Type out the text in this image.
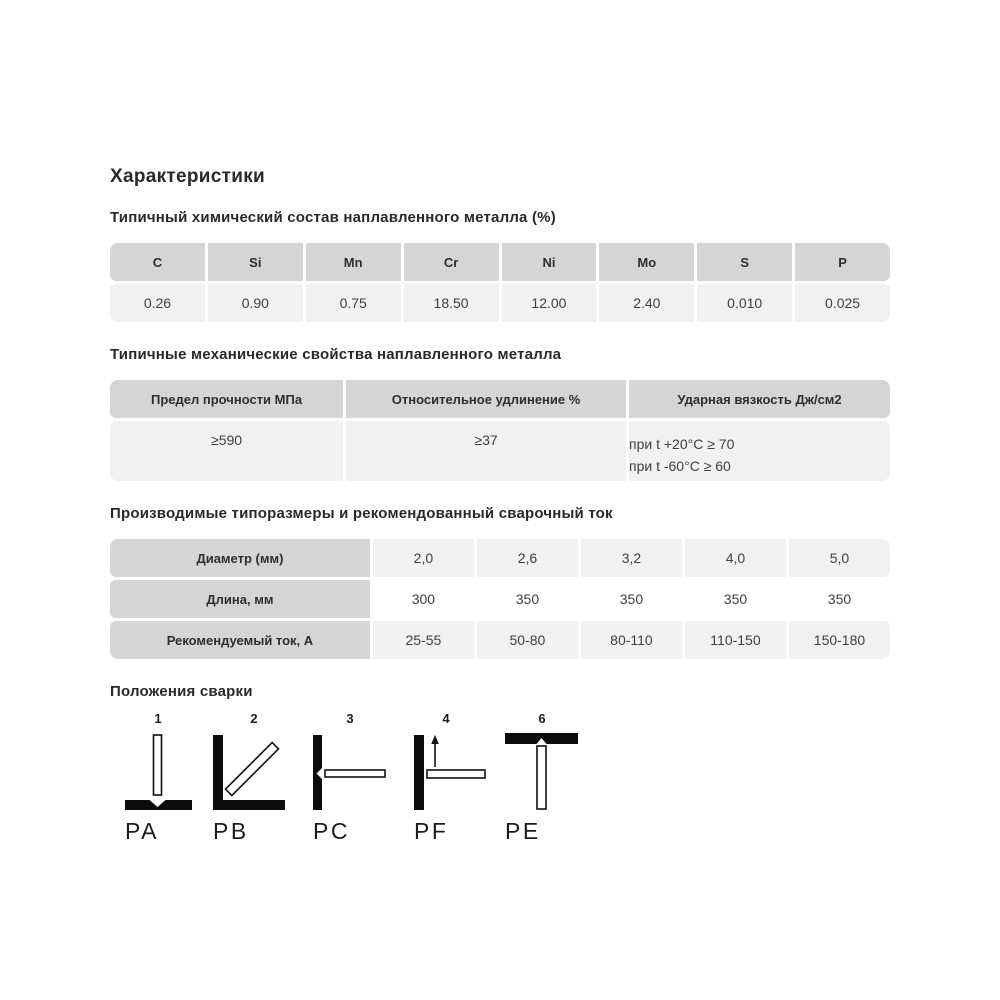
Характеристики
Типичный химический состав наплавленного металла (%)
C	Si	Mn	Cr	Ni	Mo	S	P
0.26	0.90	0.75	18.50	12.00	2.40	0.010	0.025
Типичные механические свойства наплавленного металла
Предел прочности МПа	Относительное удлинение %	Ударная вязкость Дж/см2
≥590	≥37	при t +20°C ≥ 70
при t -60°C ≥ 60
Производимые типоразмеры и рекомендованный сварочный ток
Диаметр (мм)	2,0	2,6	3,2	4,0	5,0
Длина, мм	300	350	350	350	350
Рекомендуемый ток, А	25-55	50-80	80-110	110-150	150-180
Положения сварки
1
PA
2
PB
3
PC
4
PF
6
PE
